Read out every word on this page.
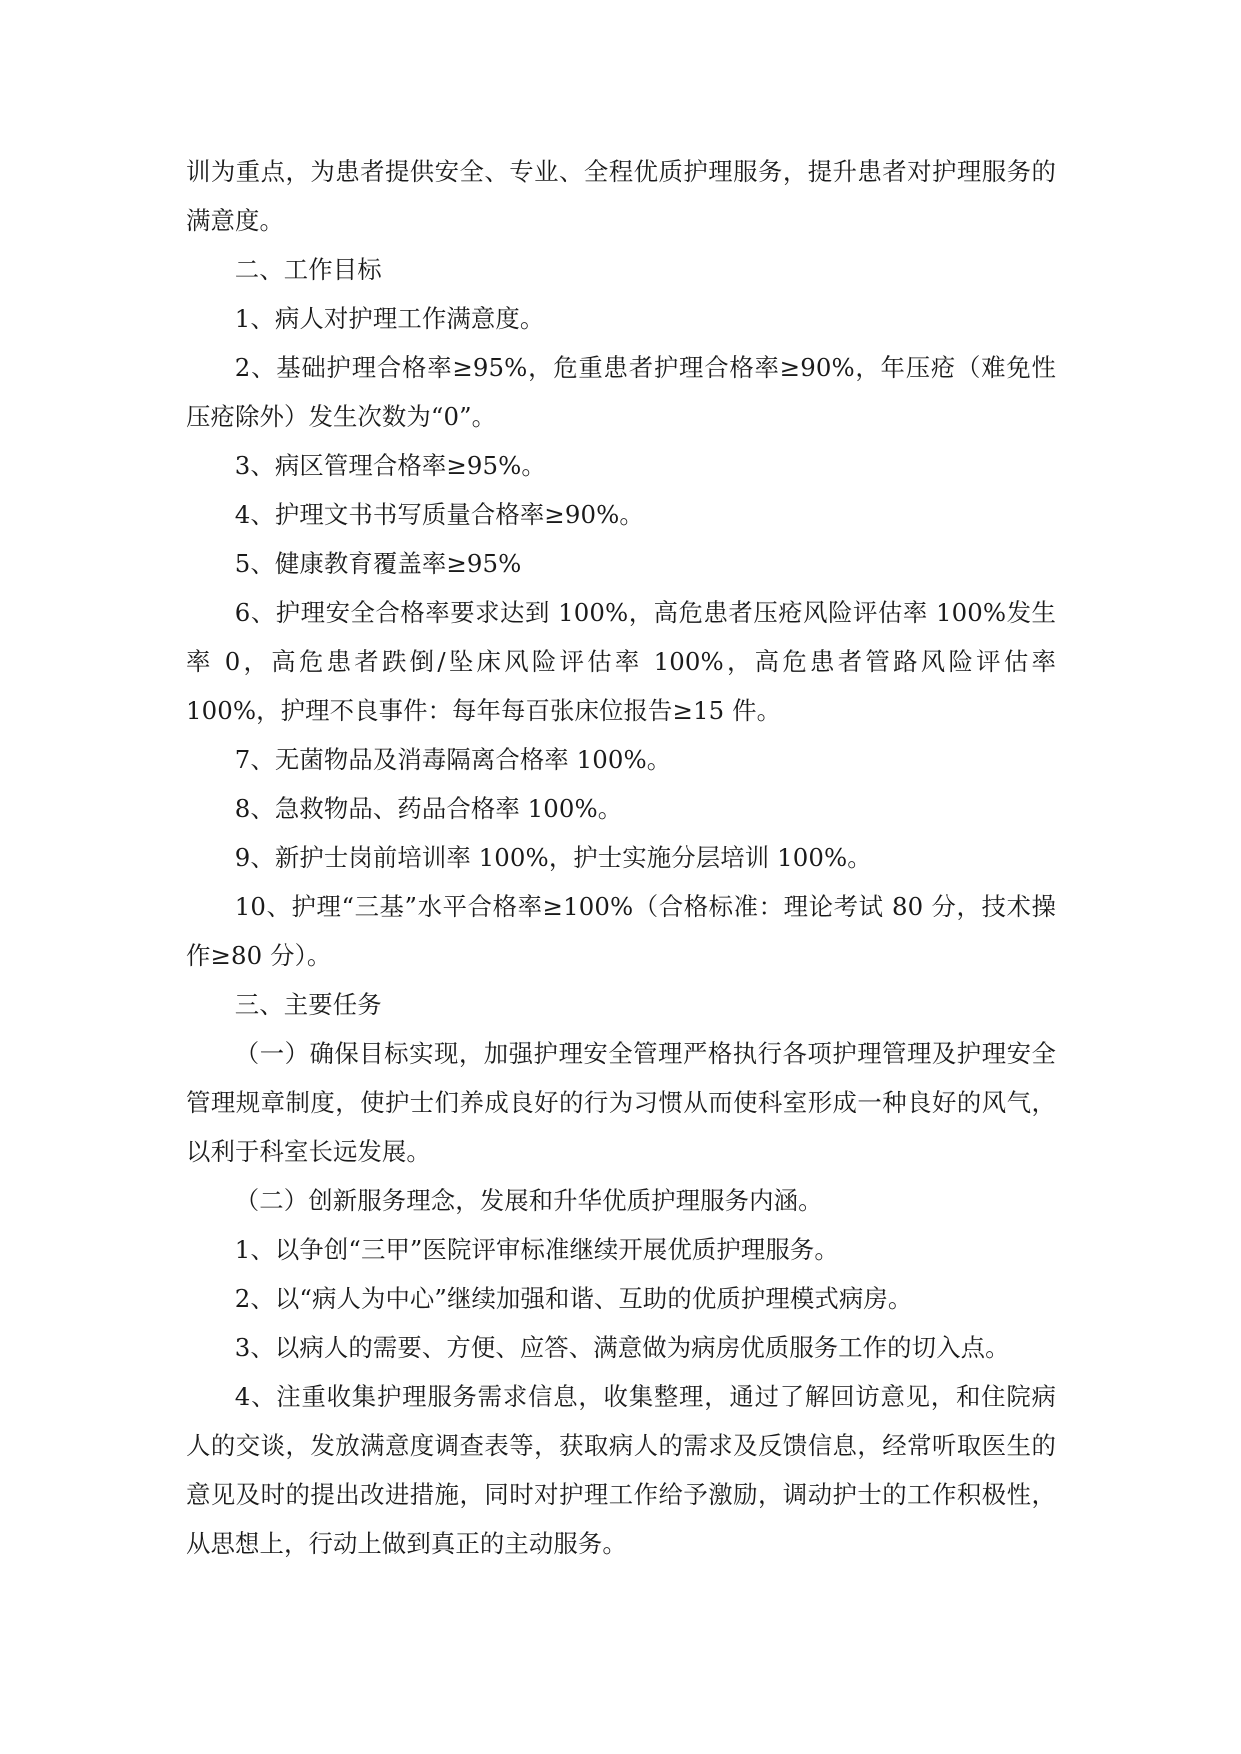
训为重点，为患者提供安全、专业、全程优质护理服务，提升患者对护理服务的满意度。

二、工作目标

1、病人对护理工作满意度。

2、基础护理合格率≥95%，危重患者护理合格率≥90%，年压疮（难免性压疮除外）发生次数为“0”。

3、病区管理合格率≥95%。

4、护理文书书写质量合格率≥90%。

5、健康教育覆盖率≥95%

6、护理安全合格率要求达到 100%，高危患者压疮风险评估率 100%发生率 0，高危患者跌倒/坠床风险评估率 100%，高危患者管路风险评估率 100%，护理不良事件：每年每百张床位报告≥15 件。

7、无菌物品及消毒隔离合格率 100%。

8、急救物品、药品合格率 100%。

9、新护士岗前培训率 100%，护士实施分层培训 100%。

10、护理“三基”水平合格率≥100%（合格标准：理论考试 80 分，技术操作≥80 分）。

三、主要任务

（一）确保目标实现，加强护理安全管理严格执行各项护理管理及护理安全管理规章制度，使护士们养成良好的行为习惯从而使科室形成一种良好的风气，以利于科室长远发展。

（二）创新服务理念，发展和升华优质护理服务内涵。

1、以争创“三甲”医院评审标准继续开展优质护理服务。

2、以“病人为中心”继续加强和谐、互助的优质护理模式病房。

3、以病人的需要、方便、应答、满意做为病房优质服务工作的切入点。

4、注重收集护理服务需求信息，收集整理，通过了解回访意见，和住院病人的交谈，发放满意度调查表等，获取病人的需求及反馈信息，经常听取医生的意见及时的提出改进措施，同时对护理工作给予激励，调动护士的工作积极性，从思想上，行动上做到真正的主动服务。
